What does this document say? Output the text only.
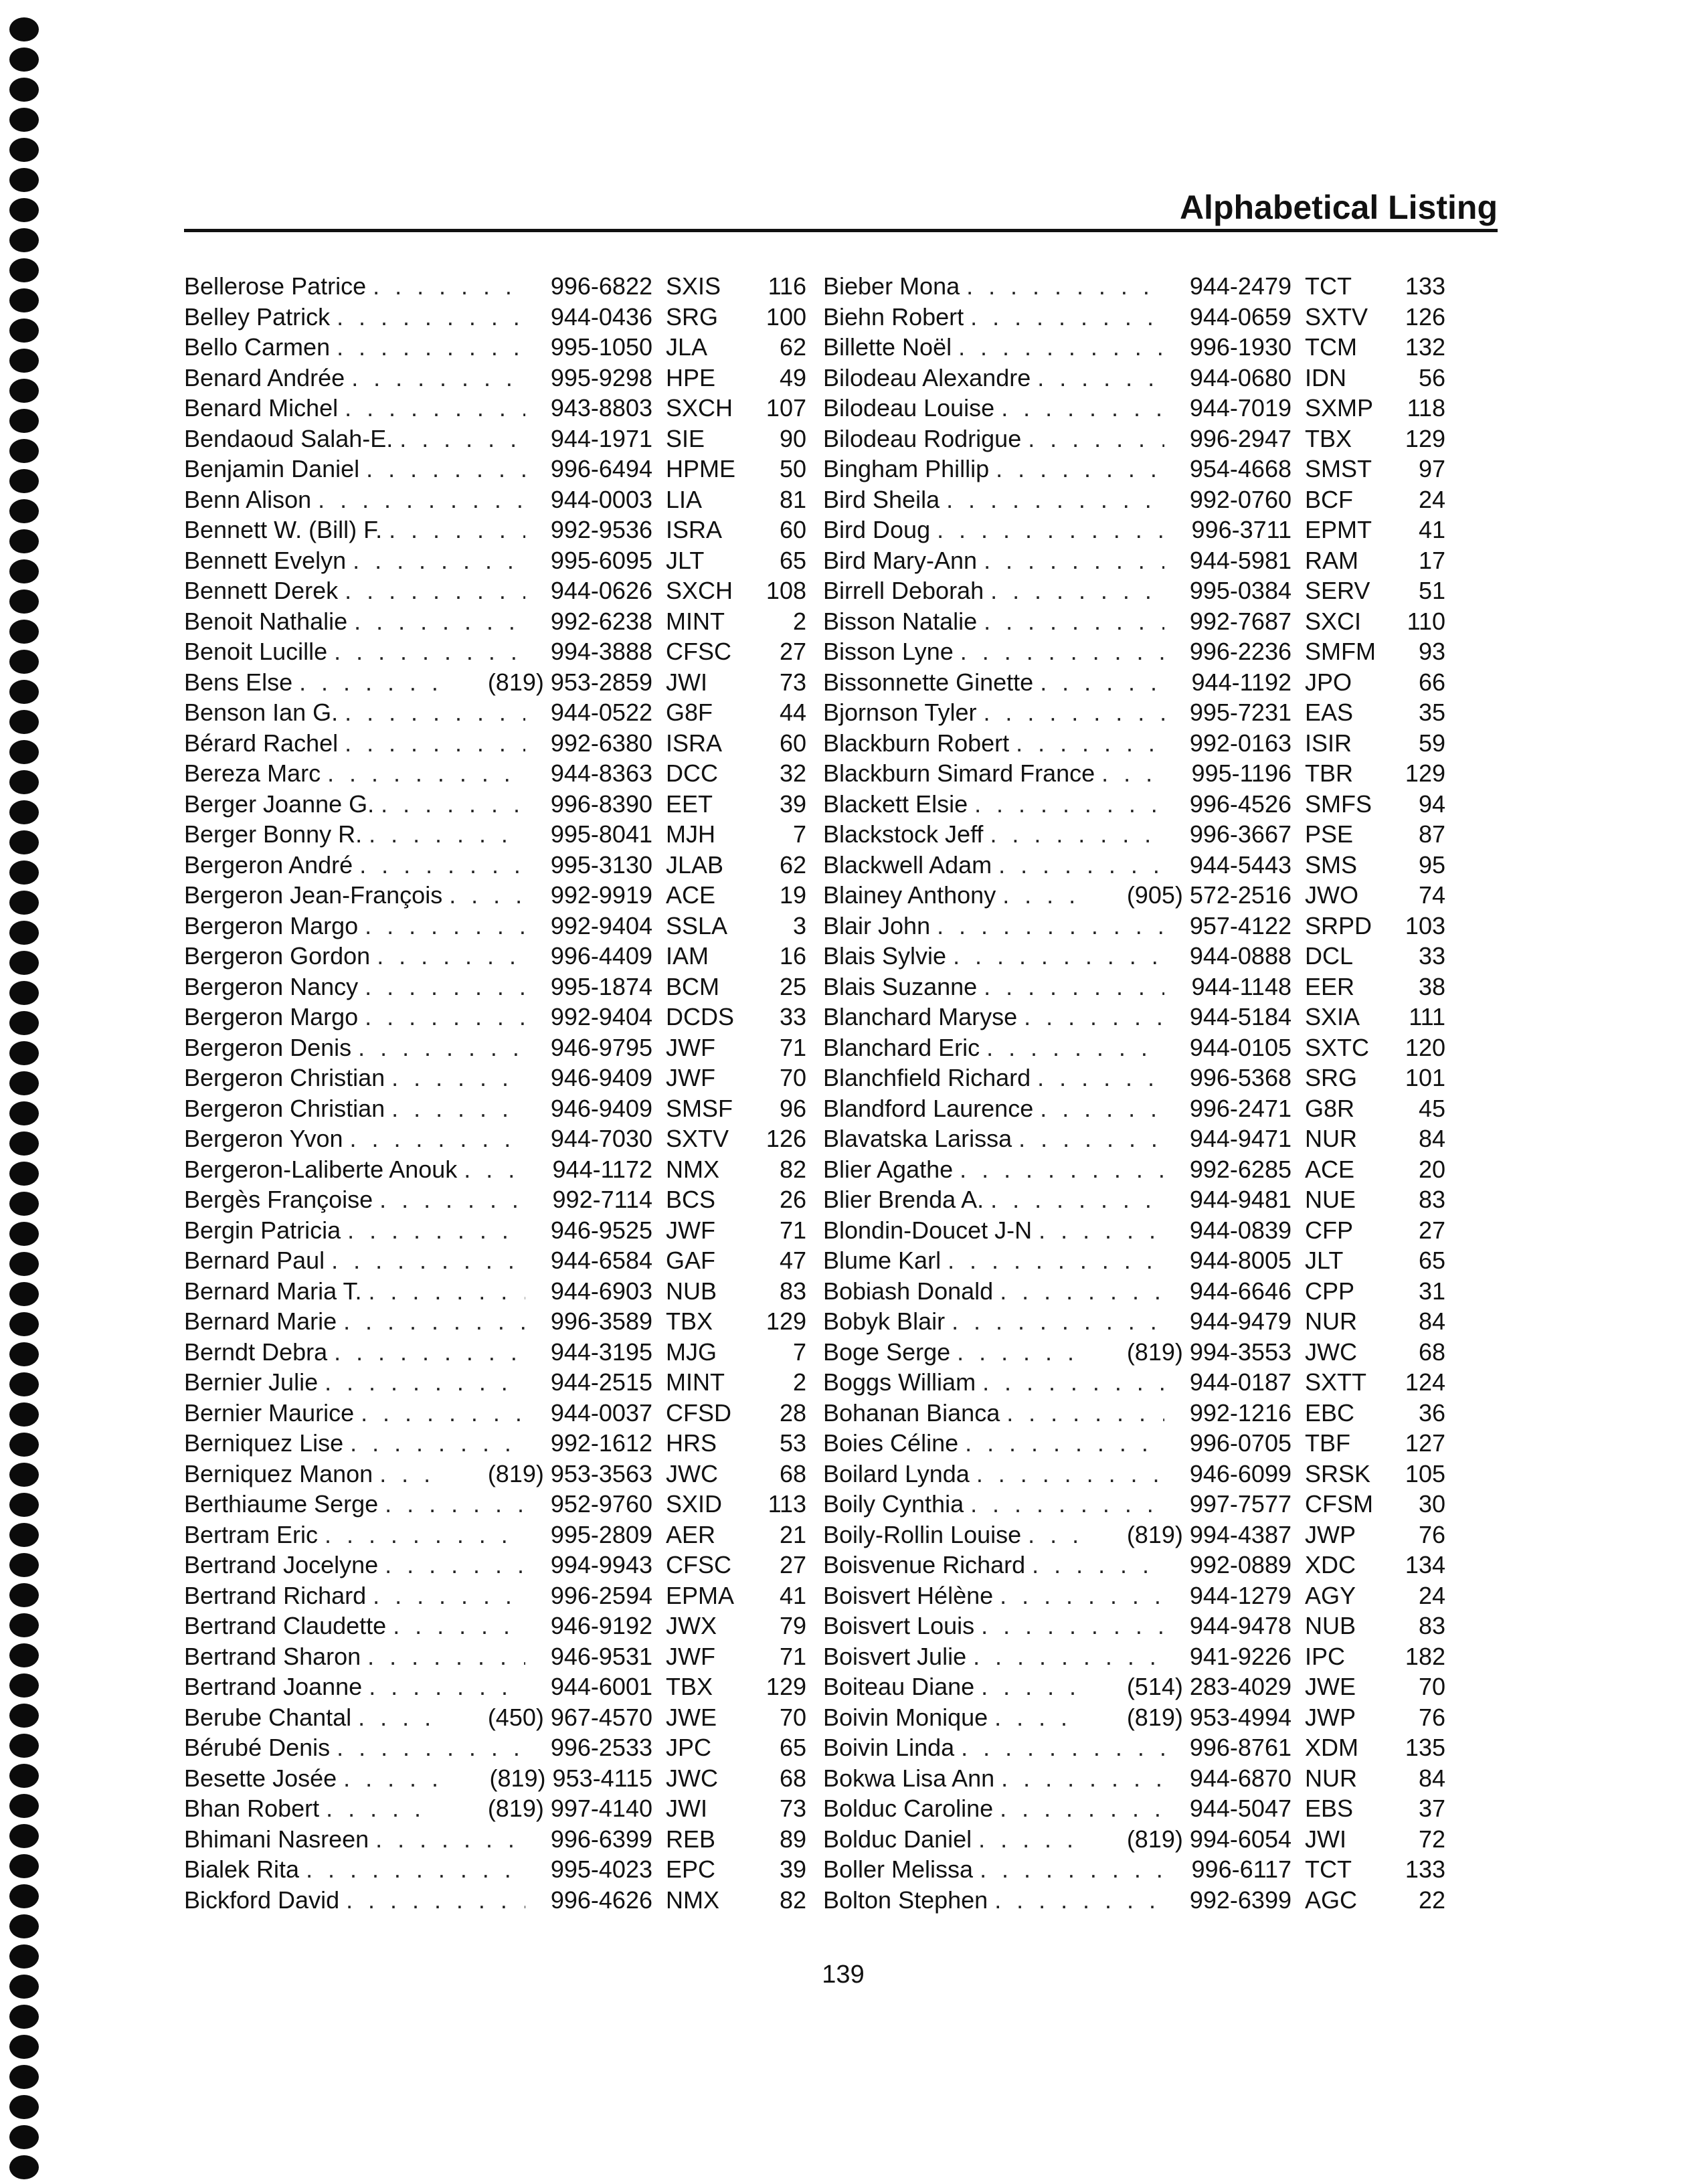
Alphabetical Listing
Bellerose Patrice . . .	996-6822 SXIS	116
Belley Patrick . . .	944-0436 SRG	100
Bello Carmen . . .	995-1050 JLA	62
Benard Andrée . . .	995-9298 HPE	49
Benard Michel . . .	943-8803 SXCH	107
Bendaoud Salah-E. . . .	944-1971 SIE	90
Benjamin Daniel . . .	996-6494 HPME	50
Benn Alison . . .	944-0003 LIA	81
Bennett W. (Bill) F. . . .	992-9536 ISRA	60
Bennett Evelyn . . .	995-6095 JLT	65
Bennett Derek . . .	944-0626 SXCH	108
Benoit Nathalie . . .	992-6238 MINT	2
Benoit Lucille . . .	994-3888 CFSC	27
Bens Else . . .	(819) 953-2859 JWI	73
Benson Ian G. . . .	944-0522 G8F	44
Bérard Rachel . . .	992-6380 ISRA	60
Bereza Marc . . .	944-8363 DCC	32
Berger Joanne G. . . .	996-8390 EET	39
Berger Bonny R. . . .	995-8041 MJH	7
Bergeron André . . .	995-3130 JLAB	62
Bergeron Jean-François . . .	992-9919 ACE	19
Bergeron Margo . . .	992-9404 SSLA	3
Bergeron Gordon . . .	996-4409 IAM	16
Bergeron Nancy . . .	995-1874 BCM	25
Bergeron Margo . . .	992-9404 DCDS	33
Bergeron Denis . . .	946-9795 JWF	71
Bergeron Christian . . .	946-9409 JWF	70
Bergeron Christian . . .	946-9409 SMSF	96
Bergeron Yvon . . .	944-7030 SXTV	126
Bergeron-Laliberte Anouk . . .	944-1172 NMX	82
Bergès Françoise . . .	992-7114 BCS	26
Bergin Patricia . . .	946-9525 JWF	71
Bernard Paul . . .	944-6584 GAF	47
Bernard Maria T. . . .	944-6903 NUB	83
Bernard Marie . . .	996-3589 TBX	129
Berndt Debra . . .	944-3195 MJG	7
Bernier Julie . . .	944-2515 MINT	2
Bernier Maurice . . .	944-0037 CFSD	28
Berniquez Lise . . .	992-1612 HRS	53
Berniquez Manon . . .	(819) 953-3563 JWC	68
Berthiaume Serge . . .	952-9760 SXID	113
Bertram Eric . . .	995-2809 AER	21
Bertrand Jocelyne . . .	994-9943 CFSC	27
Bertrand Richard . . .	996-2594 EPMA	41
Bertrand Claudette . . .	946-9192 JWX	79
Bertrand Sharon . . .	946-9531 JWF	71
Bertrand Joanne . . .	944-6001 TBX	129
Berube Chantal . . .	(450) 967-4570 JWE	70
Bérubé Denis . . .	996-2533 JPC	65
Besette Josée . . .	(819) 953-4115 JWC	68
Bhan Robert . . .	(819) 997-4140 JWI	73
Bhimani Nasreen . . .	996-6399 REB	89
Bialek Rita . . .	995-4023 EPC	39
Bickford David . . .	996-4626 NMX	82
Bieber Mona . . .	944-2479 TCT	133
Biehn Robert . . .	944-0659 SXTV	126
Billette Noël . . .	996-1930 TCM	132
Bilodeau Alexandre . . .	944-0680 IDN	56
Bilodeau Louise . . .	944-7019 SXMP	118
Bilodeau Rodrigue . . .	996-2947 TBX	129
Bingham Phillip . . .	954-4668 SMST	97
Bird Sheila . . .	992-0760 BCF	24
Bird Doug . . .	996-3711 EPMT	41
Bird Mary-Ann . . .	944-5981 RAM	17
Birrell Deborah . . .	995-0384 SERV	51
Bisson Natalie . . .	992-7687 SXCI	110
Bisson Lyne . . .	996-2236 SMFM	93
Bissonnette Ginette . . .	944-1192 JPO	66
Bjornson Tyler . . .	995-7231 EAS	35
Blackburn Robert . . .	992-0163 ISIR	59
Blackburn Simard France . . .	995-1196 TBR	129
Blackett Elsie . . .	996-4526 SMFS	94
Blackstock Jeff . . .	996-3667 PSE	87
Blackwell Adam . . .	944-5443 SMS	95
Blainey Anthony . . .	(905) 572-2516 JWO	74
Blair John . . .	957-4122 SRPD	103
Blais Sylvie . . .	944-0888 DCL	33
Blais Suzanne . . .	944-1148 EER	38
Blanchard Maryse . . .	944-5184 SXIA	111
Blanchard Eric . . .	944-0105 SXTC	120
Blanchfield Richard . . .	996-5368 SRG	101
Blandford Laurence . . .	996-2471 G8R	45
Blavatska Larissa . . .	944-9471 NUR	84
Blier Agathe . . .	992-6285 ACE	20
Blier Brenda A. . . .	944-9481 NUE	83
Blondin-Doucet J-N . . .	944-0839 CFP	27
Blume Karl . . .	944-8005 JLT	65
Bobiash Donald . . .	944-6646 CPP	31
Bobyk Blair . . .	944-9479 NUR	84
Boge Serge . . .	(819) 994-3553 JWC	68
Boggs William . . .	944-0187 SXTT	124
Bohanan Bianca . . .	992-1216 EBC	36
Boies Céline . . .	996-0705 TBF	127
Boilard Lynda . . .	946-6099 SRSK	105
Boily Cynthia . . .	997-7577 CFSM	30
Boily-Rollin Louise . . .	(819) 994-4387 JWP	76
Boisvenue Richard . . .	992-0889 XDC	134
Boisvert Hélène . . .	944-1279 AGY	24
Boisvert Louis . . .	944-9478 NUB	83
Boisvert Julie . . .	941-9226 IPC	182
Boiteau Diane . . .	(514) 283-4029 JWE	70
Boivin Monique . . .	(819) 953-4994 JWP	76
Boivin Linda . . .	996-8761 XDM	135
Bokwa Lisa Ann . . .	944-6870 NUR	84
Bolduc Caroline . . .	944-5047 EBS	37
Bolduc Daniel . . .	(819) 994-6054 JWI	72
Boller Melissa . . .	996-6117 TCT	133
Bolton Stephen . . .	992-6399 AGC	22
139
